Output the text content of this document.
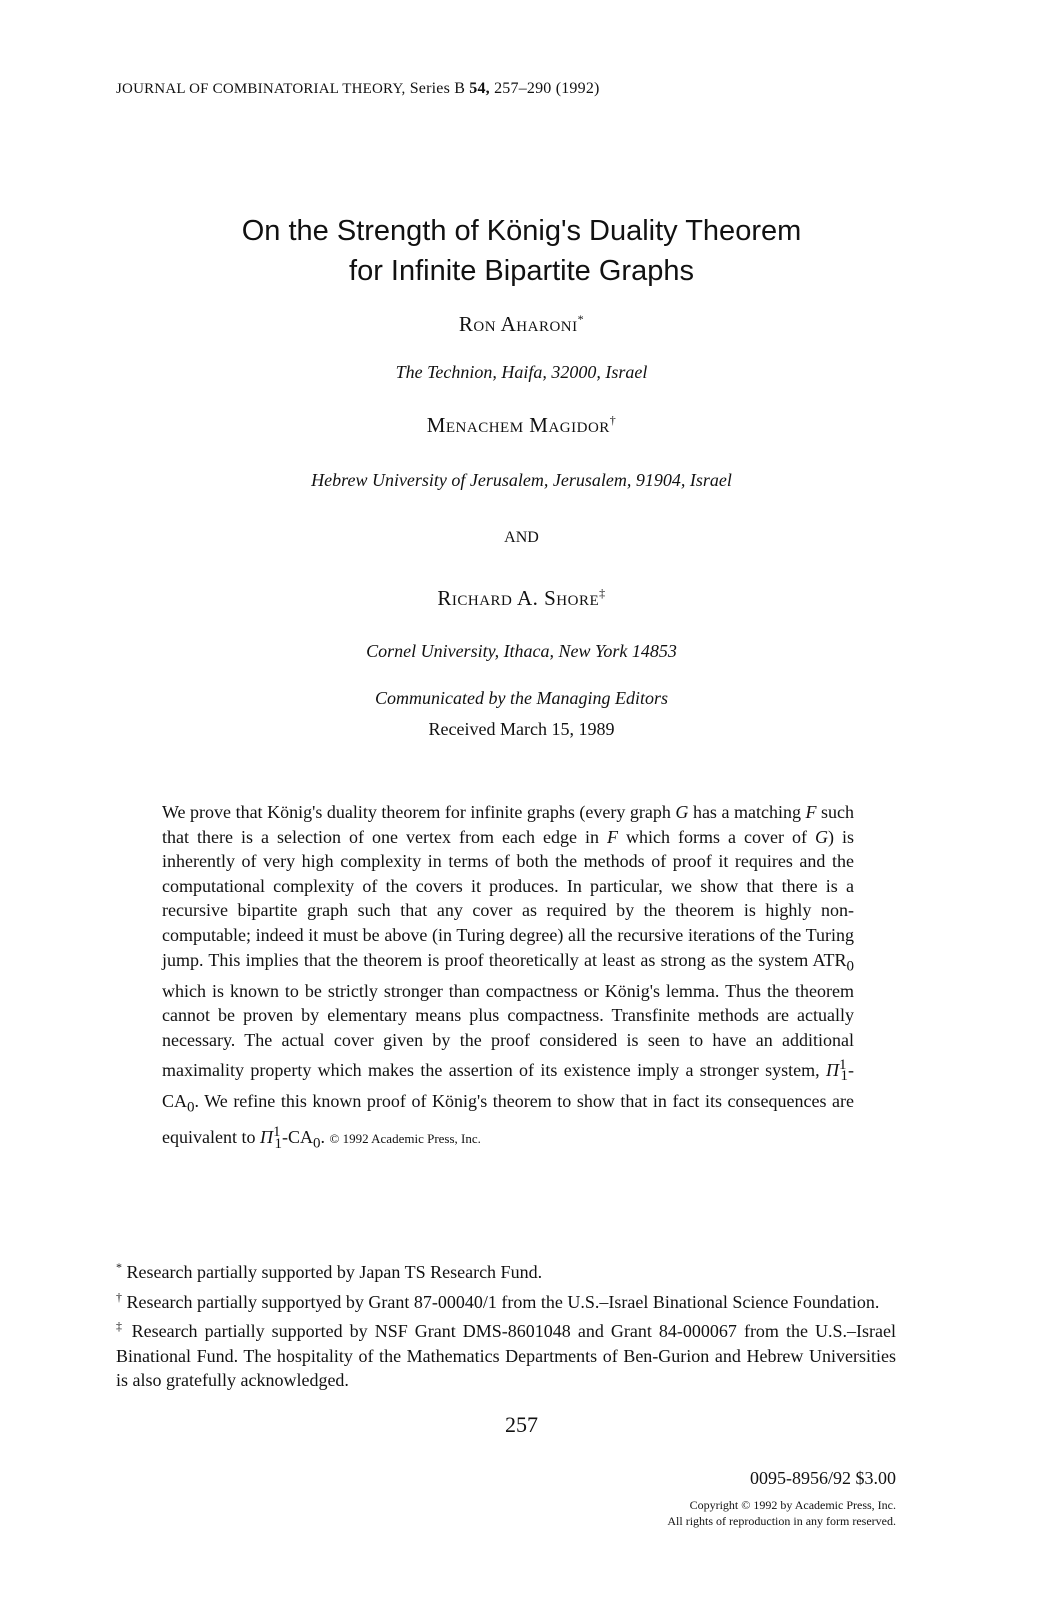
JOURNAL OF COMBINATORIAL THEORY, Series B 54, 257–290 (1992)
On the Strength of König's Duality Theorem
for Infinite Bipartite Graphs
Ron Aharoni*
The Technion, Haifa, 32000, Israel
Menachem Magidor†
Hebrew University of Jerusalem, Jerusalem, 91904, Israel
AND
Richard A. Shore‡
Cornel University, Ithaca, New York 14853
Communicated by the Managing Editors
Received March 15, 1989
We prove that König's duality theorem for infinite graphs (every graph G has a matching F such that there is a selection of one vertex from each edge in F which forms a cover of G) is inherently of very high complexity in terms of both the methods of proof it requires and the computational complexity of the covers it produces. In particular, we show that there is a recursive bipartite graph such that any cover as required by the theorem is highly non-computable; indeed it must be above (in Turing degree) all the recursive iterations of the Turing jump. This implies that the theorem is proof theoretically at least as strong as the system $ATR_0$ which is known to be strictly stronger than compactness or König's lemma. Thus the theorem cannot be proven by elementary means plus compactness. Transfinite methods are actually necessary. The actual cover given by the proof considered is seen to have an additional maximality property which makes the assertion of its existence imply a stronger system, $\Pi^1_1-CA_0$. We refine this known proof of König's theorem to show that in fact its consequences are equivalent to $\Pi^1_1-CA_0$. © 1992 Academic Press, Inc.

* Research partially supported by Japan TS Research Fund.

† Research partially supportyed by Grant 87-00040/1 from the U.S.–Israel Binational Science Foundation.

‡ Research partially supported by NSF Grant DMS-8601048 and Grant 84-000067 from the U.S.–Israel Binational Fund. The hospitality of the Mathematics Departments of Ben-Gurion and Hebrew Universities is also gratefully acknowledged.

257
0095-8956/92 $3.00
Copyright © 1992 by Academic Press, Inc.
All rights of reproduction in any form reserved.
